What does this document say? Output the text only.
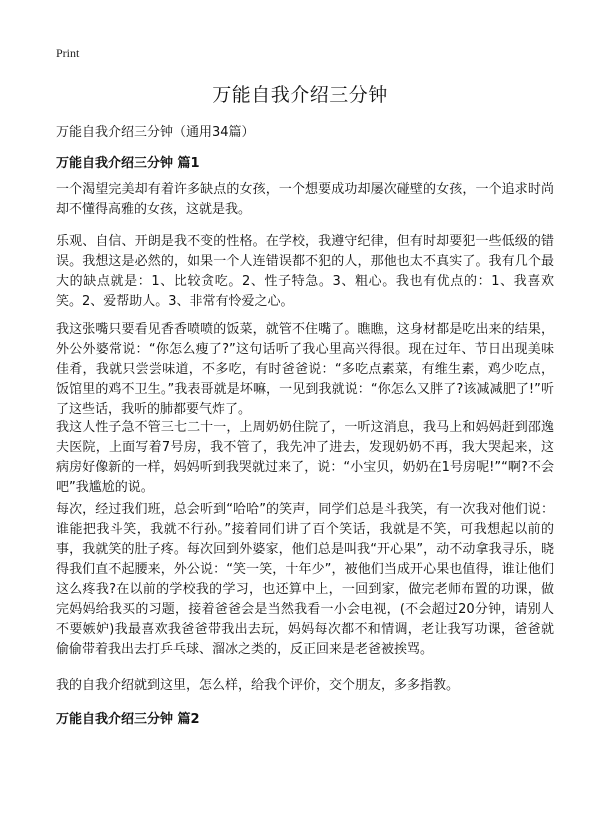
Print
万能自我介绍三分钟

万能自我介绍三分钟（通用34篇）

万能自我介绍三分钟 篇1

一个渴望完美却有着许多缺点的女孩，一个想要成功却屡次碰壁的女孩，一个追求时尚却不懂得高雅的女孩，这就是我。

乐观、自信、开朗是我不变的性格。在学校，我遵守纪律，但有时却要犯一些低级的错误。我想这是必然的，如果一个人连错误都不犯的人，那他也太不真实了。我有几个最大的缺点就是：1、比较贪吃。2、性子特急。3、粗心。我也有优点的：1、我喜欢笑。2、爱帮助人。3、非常有怜爱之心。

我这张嘴只要看见香香喷喷的饭菜，就管不住嘴了。瞧瞧，这身材都是吃出来的结果，外公外婆常说：“你怎么瘦了?”这句话听了我心里高兴得很。现在过年、节日出现美味佳肴，我就只尝尝味道，不多吃，有时爸爸说：“多吃点素菜，有维生素，鸡少吃点，饭馆里的鸡不卫生。”我表哥就是坏嘛，一见到我就说：“你怎么又胖了?该减减肥了!”听了这些话，我听的肺都要气炸了。

我这人性子急不管三七二十一，上周奶奶住院了，一听这消息，我马上和妈妈赶到邵逸夫医院，上面写着7号房，我不管了，我先冲了进去，发现奶奶不再，我大哭起来，这病房好像新的一样，妈妈听到我哭就过来了，说：“小宝贝，奶奶在1号房呢!”“啊?不会吧”我尴尬的说。

每次，经过我们班，总会听到“哈哈”的笑声，同学们总是斗我笑，有一次我对他们说：谁能把我斗笑，我就不行孙。”接着同们讲了百个笑话，我就是不笑，可我想起以前的事，我就笑的肚子疼。每次回到外婆家，他们总是叫我“开心果”，动不动拿我寻乐，晓得我们直不起腰来，外公说：“笑一笑，十年少”，被他们当成开心果也值得，谁让他们这么疼我?在以前的学校我的学习，也还算中上，一回到家，做完老师布置的功课，做完妈妈给我买的习题，接着爸爸会是当然我看一小会电视，(不会超过20分钟，请别人不要嫉妒)我最喜欢我爸爸带我出去玩，妈妈每次都不和情调，老让我写功课，爸爸就偷偷带着我出去打乒乓球、溜冰之类的，反正回来是老爸被挨骂。

我的自我介绍就到这里，怎么样，给我个评价，交个朋友，多多指教。

万能自我介绍三分钟 篇2
